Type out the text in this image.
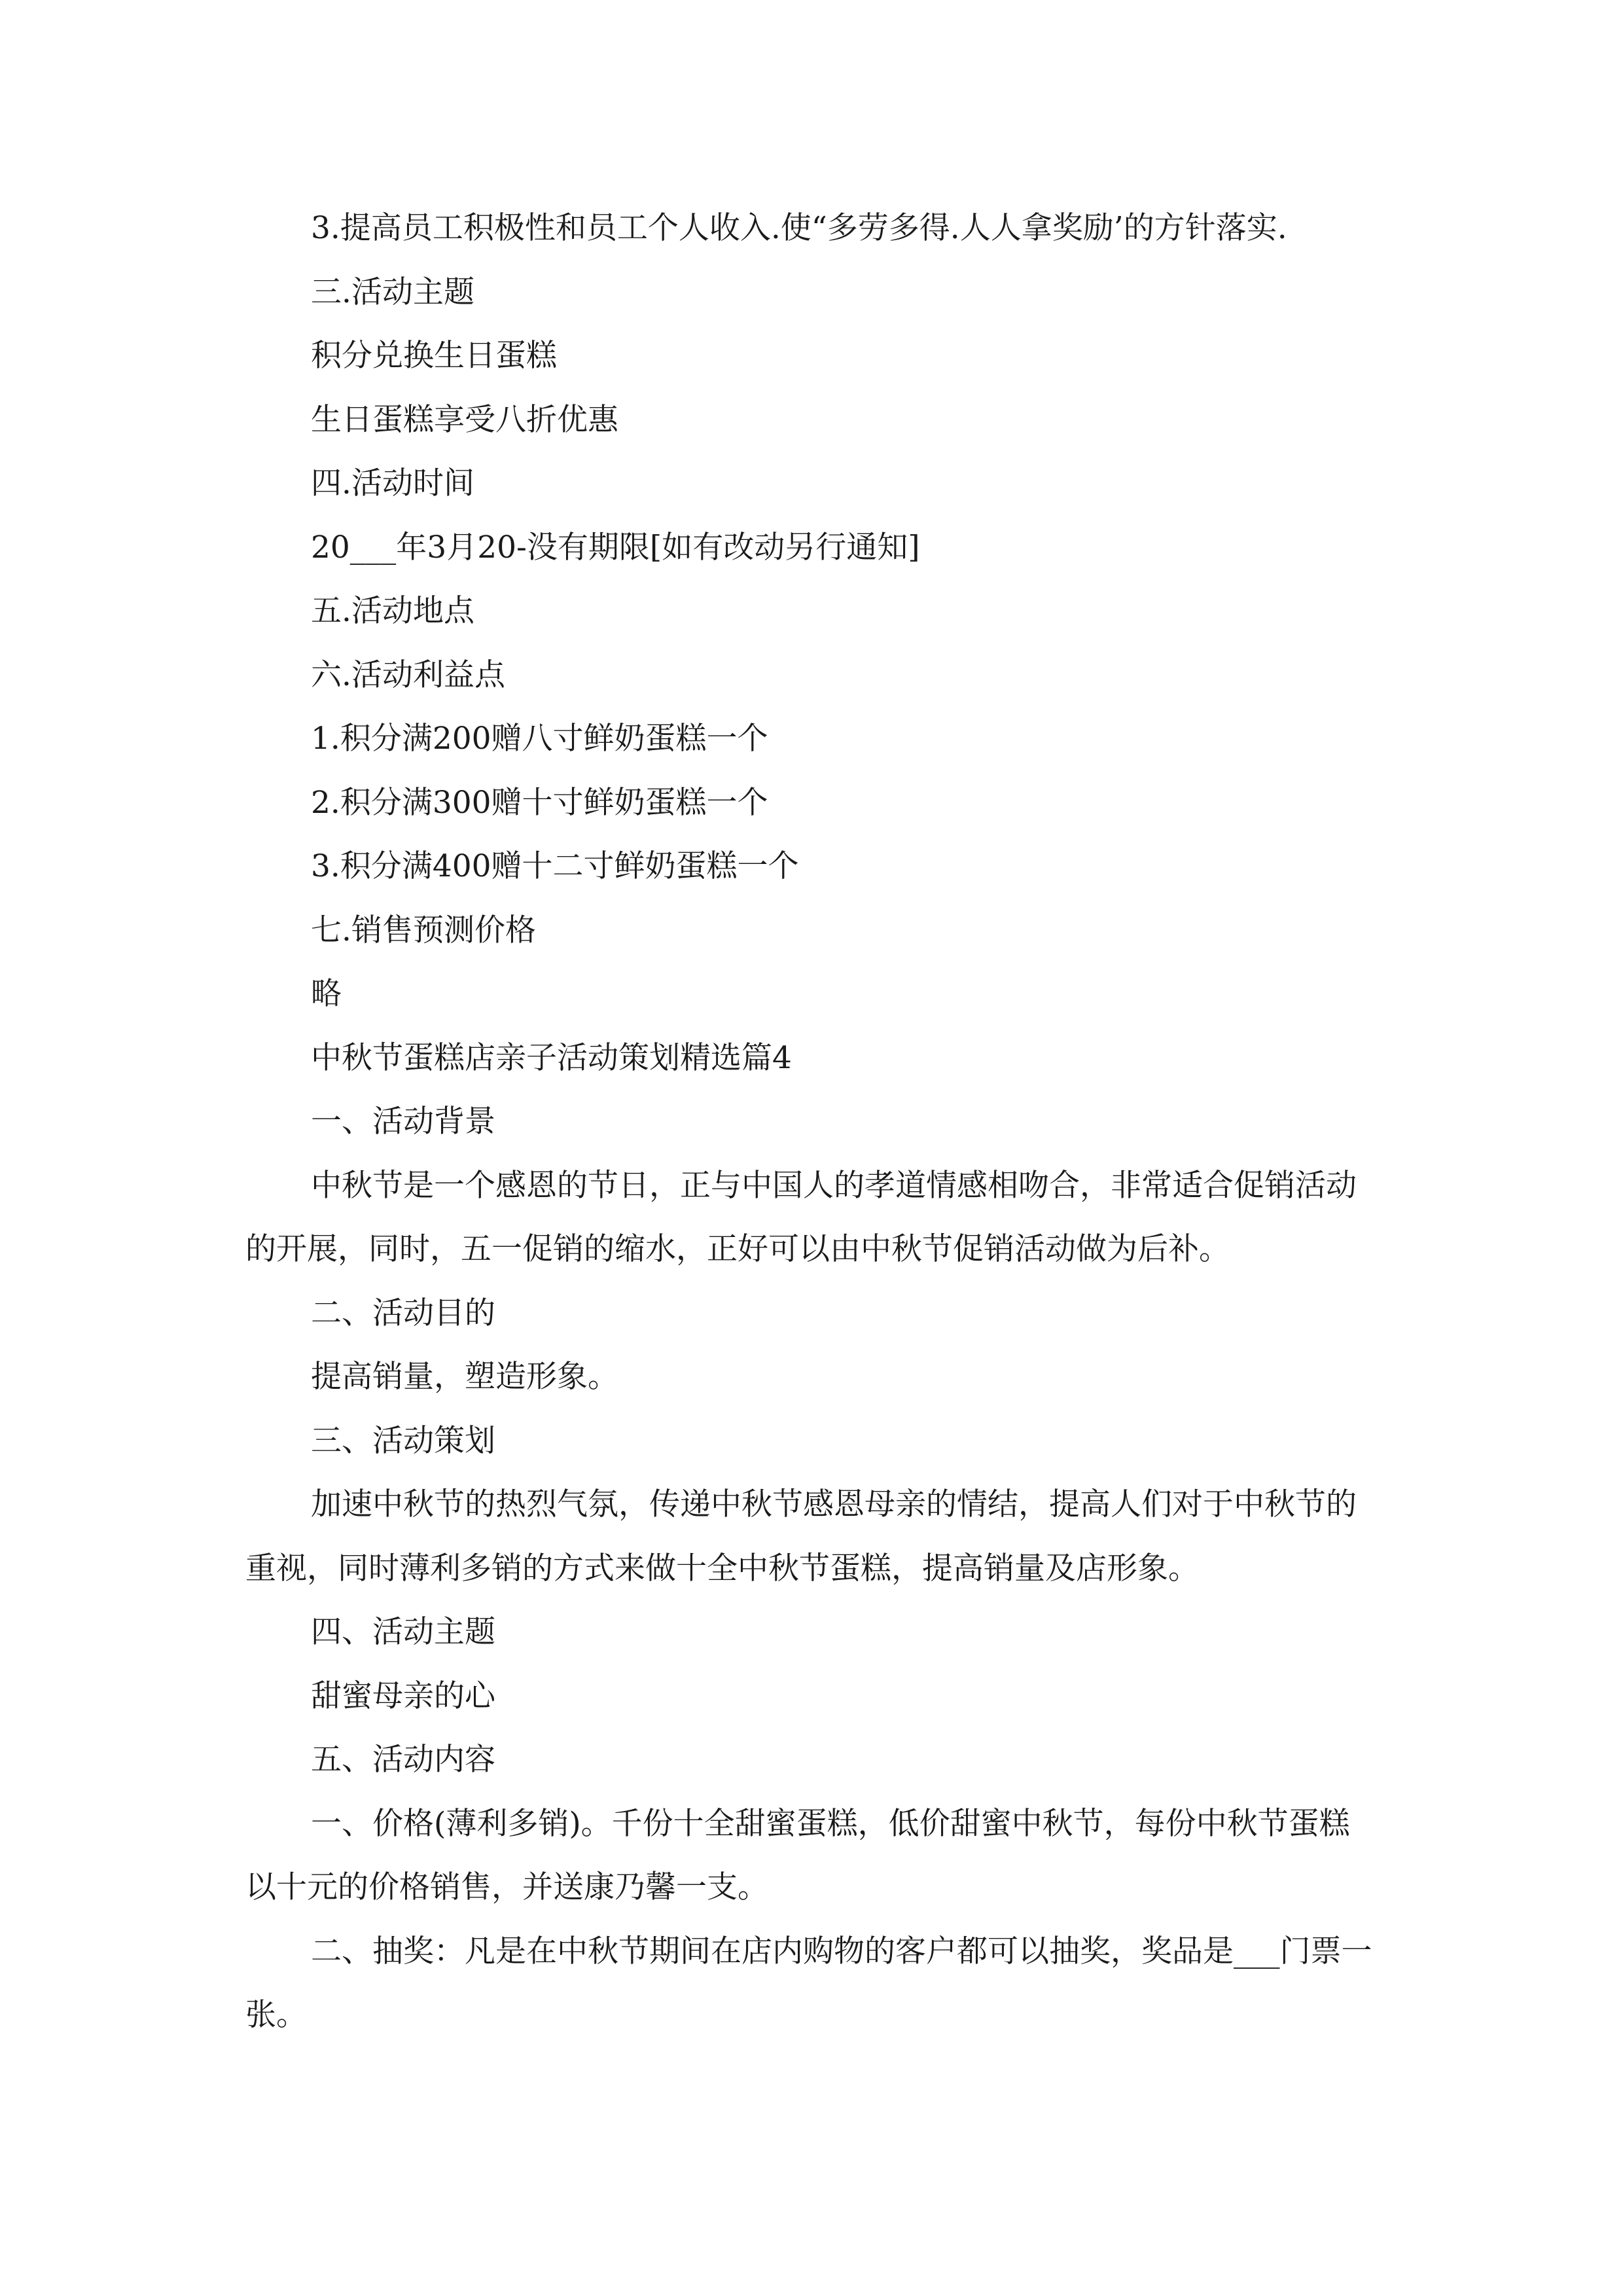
3.提高员工积极性和员工个人收入.使“多劳多得.人人拿奖励’的方针落实.

三.活动主题

积分兑换生日蛋糕

生日蛋糕享受八折优惠

四.活动时间

20___年3月20-没有期限[如有改动另行通知]

五.活动地点

六.活动利益点

1.积分满200赠八寸鲜奶蛋糕一个

2.积分满300赠十寸鲜奶蛋糕一个

3.积分满400赠十二寸鲜奶蛋糕一个

七.销售预测价格

略

中秋节蛋糕店亲子活动策划精选篇4

一、活动背景

中秋节是一个感恩的节日，正与中国人的孝道情感相吻合，非常适合促销活动的开展，同时，五一促销的缩水，正好可以由中秋节促销活动做为后补。

二、活动目的

提高销量，塑造形象。

三、活动策划

加速中秋节的热烈气氛，传递中秋节感恩母亲的情结，提高人们对于中秋节的重视，同时薄利多销的方式来做十全中秋节蛋糕，提高销量及店形象。

四、活动主题

甜蜜母亲的心

五、活动内容

一、价格(薄利多销)。千份十全甜蜜蛋糕，低价甜蜜中秋节，每份中秋节蛋糕以十元的价格销售，并送康乃馨一支。

二、抽奖：凡是在中秋节期间在店内购物的客户都可以抽奖，奖品是___门票一张。
